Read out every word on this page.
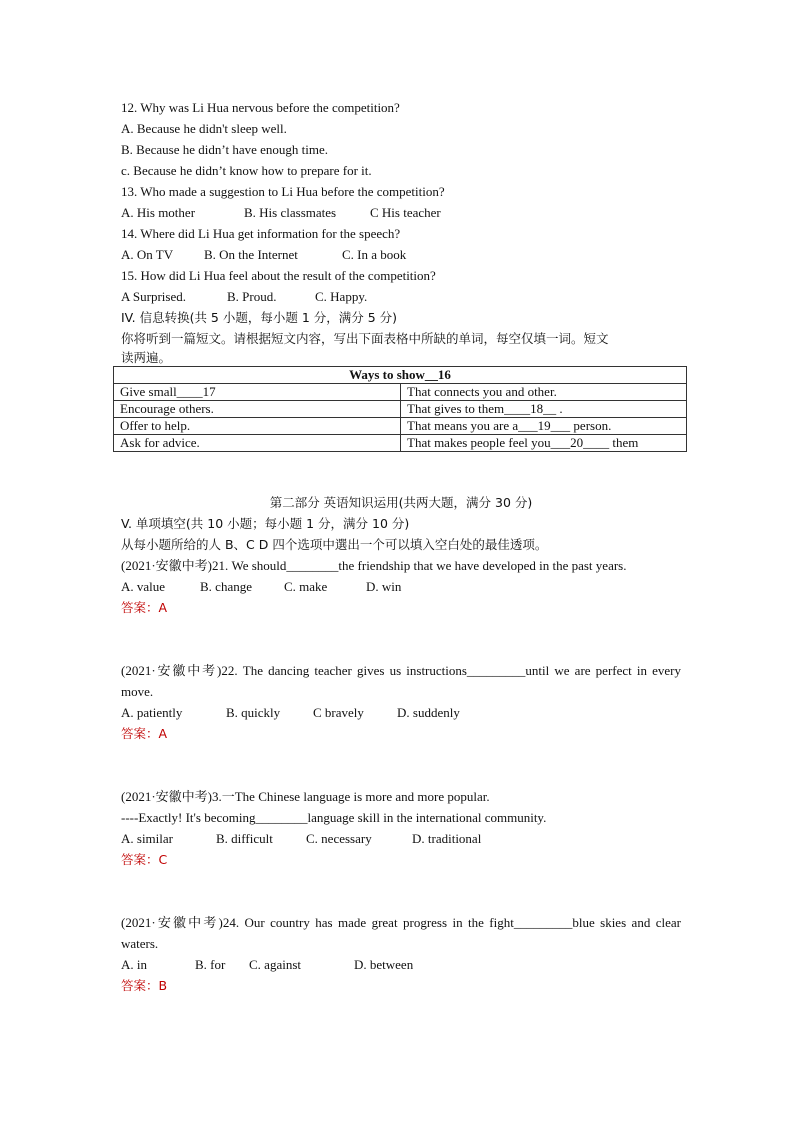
12. Why was Li Hua nervous before the competition?
A. Because he didn't sleep well.
B. Because he didn’t have enough time.
c. Because he didn’t know how to prepare for it.
13. Who made a suggestion to Li Hua before the competition?
A. His mother	B. His classmates	C His teacher
14. Where did Li Hua get information for the speech?
A. On TV B. On the Internet	C. In a book
15. How did Li Hua feel about the result of the competition?
A Surprised.	B. Proud.	C. Happy.
IV. 信息转换(共 5 小题，每小题 1 分，满分 5 分)
你将听到一篇短文。请根据短文内容，写出下面表格中所缺的单词，每空仅填一词。短文
读两遍。
Ways to show__16	
Give small____17	That connects you and other.
Encourage others.	That gives to them____18__ .
Offer to help.	That means you are a___19___ person.
Ask for advice.	That makes people feel you___20____ them
第二部分 英语知识运用(共两大题，满分 30 分)
V. 单项填空(共 10 小题；每小题 1 分，满分 10 分)
从每小题所给的人 B、C D 四个选项中選出一个可以填入空白处的最佳透项。
(2021·安徽中考)21. We should________the friendship that we have developed in the past years.
A. value	B. change C. make	D. win
答案：A
(2021·安徽中考)22. The dancing teacher gives us instructions_________until we are perfect in every move.
A. patiently	B. quickly	C bravely	D. suddenly
答案：A
(2021·安徽中考)3.一The Chinese language is more and more popular.
----Exactly! It's becoming________language skill in the international community.
A. similar	B. difficult	C. necessary	D. traditional
答案：C
(2021·安徽中考)24. Our country has made great progress in the fight_________blue skies and clear waters.
A. in	B. for C. against	D. between
答案：B
